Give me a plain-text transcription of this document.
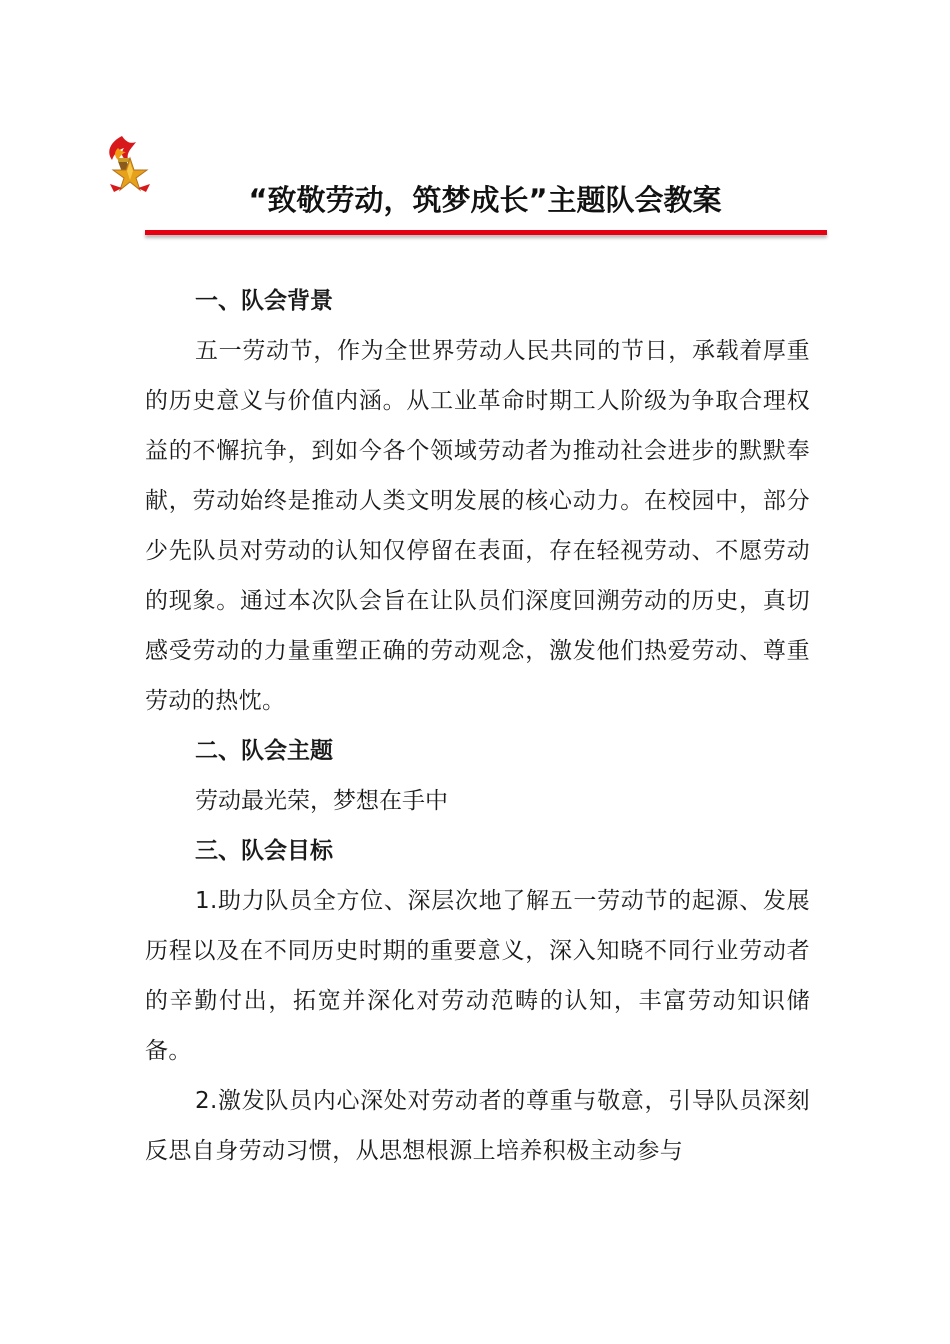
“致敬劳动，筑梦成长”主题队会教案
一、队会背景

五一劳动节，作为全世界劳动人民共同的节日，承载着厚重的历史意义与价值内涵。从工业革命时期工人阶级为争取合理权益的不懈抗争，到如今各个领域劳动者为推动社会进步的默默奉献，劳动始终是推动人类文明发展的核心动力。在校园中，部分少先队员对劳动的认知仅停留在表面，存在轻视劳动、不愿劳动的现象。通过本次队会旨在让队员们深度回溯劳动的历史，真切感受劳动的力量重塑正确的劳动观念，激发他们热爱劳动、尊重劳动的热忱。

二、队会主题
劳动最光荣，梦想在手中
三、队会目标

1.助力队员全方位、深层次地了解五一劳动节的起源、发展历程以及在不同历史时期的重要意义，深入知晓不同行业劳动者的辛勤付出，拓宽并深化对劳动范畴的认知，丰富劳动知识储备。

2.激发队员内心深处对劳动者的尊重与敬意，引导队员深刻反思自身劳动习惯，从思想根源上培养积极主动参与
